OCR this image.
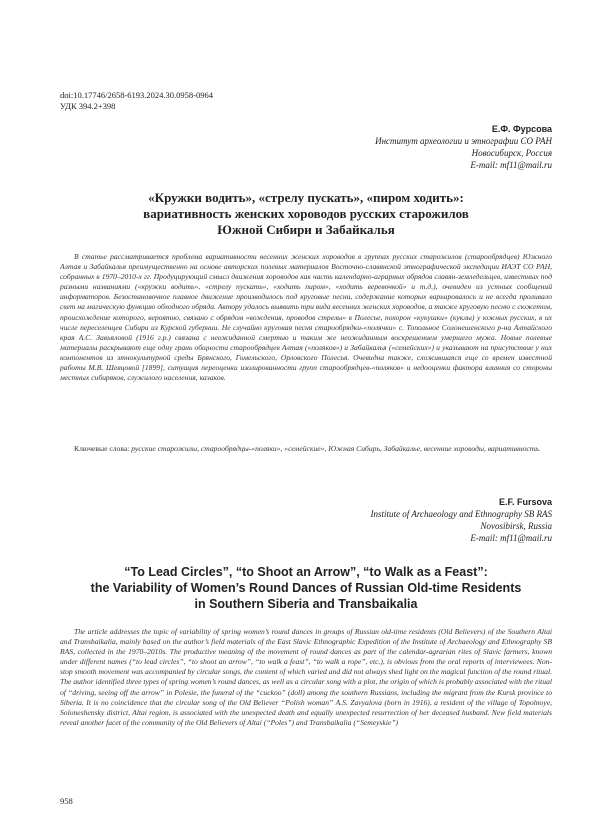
doi:10.17746/2658-6193.2024.30.0958-0964
УДК 394.2+398
Е.Ф. Фурсова
Институт археологии и этнографии СО РАН
Новосибирск, Россия
E-mail: mf11@mail.ru
«Кружки водить», «стрелу пускать», «пиром ходить»:
вариативность женских хороводов русских старожилов
Южной Сибири и Забайкалья
В статье рассматривается проблема вариативности весенних женских хороводов в группах русских старожилов (старообрядцев) Южного Алтая и Забайкалья преимущественно на основе авторских полевых материалов Восточно-славянской этнографической экспедиции ИАЭТ СО РАН, собранных в 1970–2010-х гг. Продуцирующий смысл движения хороводов как часть календарно-аграрных обрядов славян-земледельцев, известных под разными названиями («кружки водить», «стрелу пускать», «ходить пиром», «ходить веревочкой» и т.д.), очевиден из устных сообщений информаторов. Безостановочное плавное движение производилось под круговые песни, содержание которых варьировалось и не всегда проливало свет на магическую функцию обходного обряда. Автору удалось выявить три вида весенних женских хороводов, а также круговую песню с сюжетом, происхождение которого, вероятно, связано с обрядом «вождения, проводов стрелы» в Полесье, похорон «кукушки» (куклы) у южных русских, в их числе переселенцев Сибири из Курской губернии. Не случайно круговая песня старообрядки-«полячки» с. Топольное Солонешенского р-на Алтайского края А.С. Завьяловой (1916 г.р.) связана с неожиданной смертью и таким же неожиданным воскрешением умершего мужа. Новые полевые материалы раскрывают еще одну грань общности старообрядцев Алтая («поляков») и Забайкалья («семейских») и указывают на присутствие у них компонентов из этнокультурной среды Брянского, Гомельского, Орловского Полесья. Очевидна также, сложившаяся еще со времен известной работы М.В. Шевцовой [1899], ситуация переоценки изолированности групп старообрядцев-«поляков» и недооценки фактора влияния со стороны местных сибиряков, служилого населения, казаков.
Ключевые слова: русские старожилы, старообрядцы-«поляки», «семейские», Южная Сибирь, Забайкалье, весенние хороводы, вариативность.
E.F. Fursova
Institute of Archaeology and Ethnography SB RAS
Novosibirsk, Russia
E-mail: mf11@mail.ru
“To Lead Circles”, “to Shoot an Arrow”, “to Walk as a Feast”:
the Variability of Women’s Round Dances of Russian Old-time Residents
in Southern Siberia and Transbaikalia
The article addresses the topic of variability of spring women’s round dances in groups of Russian old-time residents (Old Believers) of the Southern Altai and Transbaikalia, mainly based on the author’s field materials of the East Slavic Ethnographic Expedition of the Institute of Archaeology and Ethnography SB RAS, collected in the 1970–2010s. The productive meaning of the movement of round dances as part of the calendar-agrarian rites of Slavic farmers, known under different names (“to lead circles”, “to shoot an arrow”, “to walk a feast”, “to walk a rope”, etc.), is obvious from the oral reports of interviewees. Non-stop smooth movement was accompanied by circular songs, the content of which varied and did not always shed light on the magical function of the round ritual. The author identified three types of spring women’s round dances, as well as a circular song with a plot, the origin of which is probably associated with the ritual of “driving, seeing off the arrow” in Polesie, the funeral of the “cuckoo” (doll) among the southern Russians, including the migrant from the Kursk province to Siberia. It is no coincidence that the circular song of the Old Believer “Polish woman” A.S. Zavyalova (born in 1916), a resident of the village of Topolnoye, Soloneshensky district, Altai region, is associated with the unexpected death and equally unexpected resurrection of her deceased husband. New field materials reveal another facet of the community of the Old Believers of Altai (“Poles”) and Transbaikalia (“Semeyskie”)
958
